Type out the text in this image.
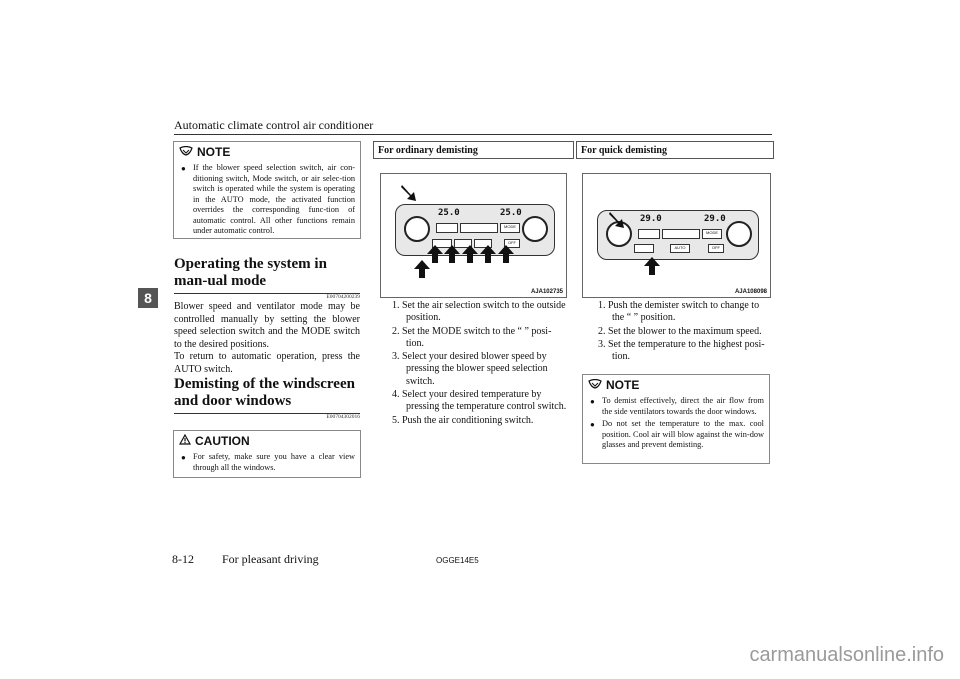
Automatic climate control air conditioner
8
NOTE
● If the blower speed selection switch, air con-ditioning switch, Mode switch, or air selec-tion switch is operated while the system is operating in the AUTO mode, the activated function overrides the corresponding func-tion of automatic control. All other functions remain under automatic control.
Operating the system in man-ual mode
E00704200239
Blower speed and ventilator mode may be controlled manually by setting the blower speed selection switch and the MODE switch to the desired positions.
To return to automatic operation, press the AUTO switch.
Demisting of the windscreen and door windows
E00704302016
CAUTION
● For safety, make sure you have a clear view through all the windows.
For ordinary demisting
25.0	25.0
MODE
OFF
AJA102735
1. Set the air selection switch to the outside position.
2. Set the MODE switch to the “ ” posi-tion.
3. Select your desired blower speed by pressing the blower speed selection switch.
4. Select your desired temperature by pressing the temperature control switch.
5. Push the air conditioning switch.
For quick demisting
29.0	29.0
MODE
AUTO	OFF
AJA108098
1. Push the demister switch to change to the “ ” position.
2. Set the blower to the maximum speed.
3. Set the temperature to the highest posi-tion.
NOTE
● To demist effectively, direct the air flow from the side ventilators towards the door windows.
● Do not set the temperature to the max. cool position. Cool air will blow against the win-dow glasses and prevent demisting.
8-12 For pleasant driving	OGGE14E5
carmanualsonline.info
